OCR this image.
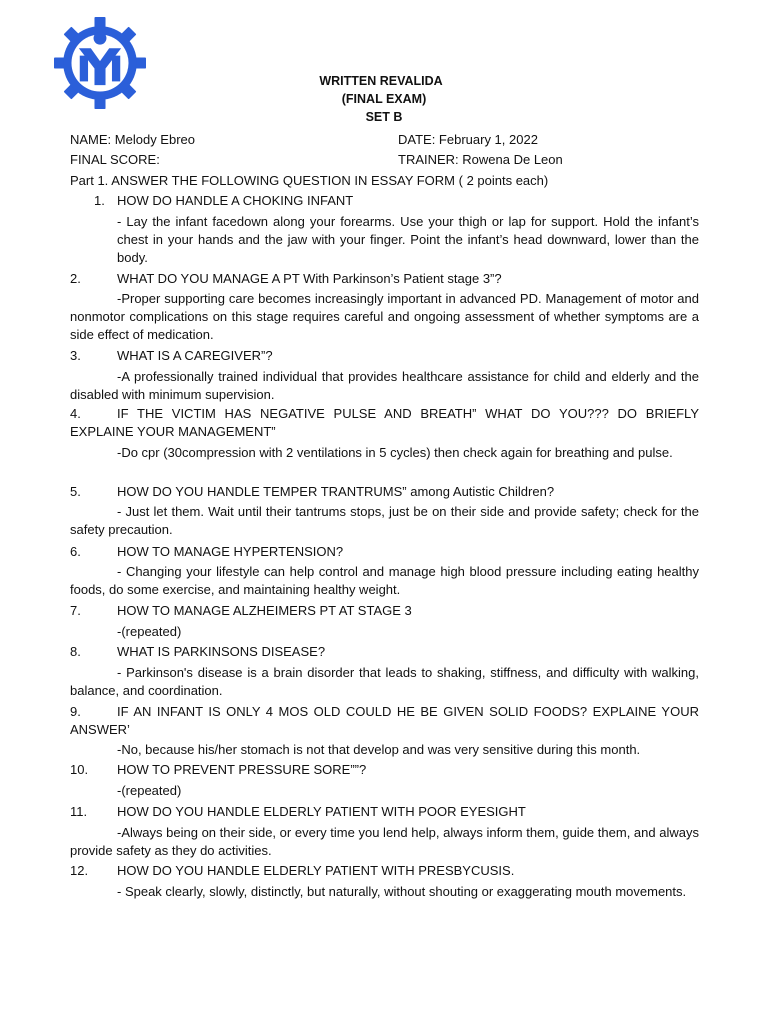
WRITTEN REVALIDA
(FINAL EXAM)
SET B
NAME: Melody Ebreo	DATE: February 1, 2022
FINAL SCORE:	TRAINER: Rowena De Leon
Part 1. ANSWER THE FOLLOWING QUESTION IN ESSAY FORM ( 2 points each)
1. HOW DO HANDLE A CHOKING INFANT
- Lay the infant facedown along your forearms. Use your thigh or lap for support. Hold the infant’s chest in your hands and the jaw with your finger. Point the infant’s head downward, lower than the body.
2.	WHAT DO YOU MANAGE A PT With Parkinson’s Patient stage 3”?
-Proper supporting care becomes increasingly important in advanced PD. Management of motor and nonmotor complications on this stage requires careful and ongoing assessment of whether symptoms are a side effect of medication.
3.	WHAT IS A CAREGIVER”?
-A professionally trained individual that provides healthcare assistance for child and elderly and the disabled with minimum supervision.
4.	IF THE VICTIM HAS NEGATIVE PULSE AND BREATH” WHAT DO YOU??? DO BRIEFLY EXPLAINE YOUR MANAGEMENT”
-Do cpr (30compression with 2 ventilations in 5 cycles) then check again for breathing and pulse.
5.	HOW DO YOU HANDLE TEMPER TRANTRUMS” among Autistic Children?
- Just let them. Wait until their tantrums stops, just be on their side and provide safety; check for the safety precaution.
6.	HOW TO MANAGE HYPERTENSION?
- Changing your lifestyle can help control and manage high blood pressure including eating healthy foods, do some exercise, and maintaining healthy weight.
7.	HOW TO MANAGE ALZHEIMERS PT AT STAGE 3
-(repeated)
8.	WHAT IS PARKINSONS DISEASE?
- Parkinson's disease is a brain disorder that leads to shaking, stiffness, and difficulty with walking, balance, and coordination.
9.	IF AN INFANT IS ONLY 4 MOS OLD COULD HE BE GIVEN SOLID FOODS? EXPLAINE YOUR ANSWER’
-No, because his/her stomach is not that develop and was very sensitive during this month.
10. HOW TO PREVENT PRESSURE SORE””?
-(repeated)
11. HOW DO YOU HANDLE ELDERLY PATIENT WITH POOR EYESIGHT
-Always being on their side, or every time you lend help, always inform them, guide them, and always provide safety as they do activities.
12. HOW DO YOU HANDLE ELDERLY PATIENT WITH PRESBYCUSIS.
- Speak clearly, slowly, distinctly, but naturally, without shouting or exaggerating mouth movements.
